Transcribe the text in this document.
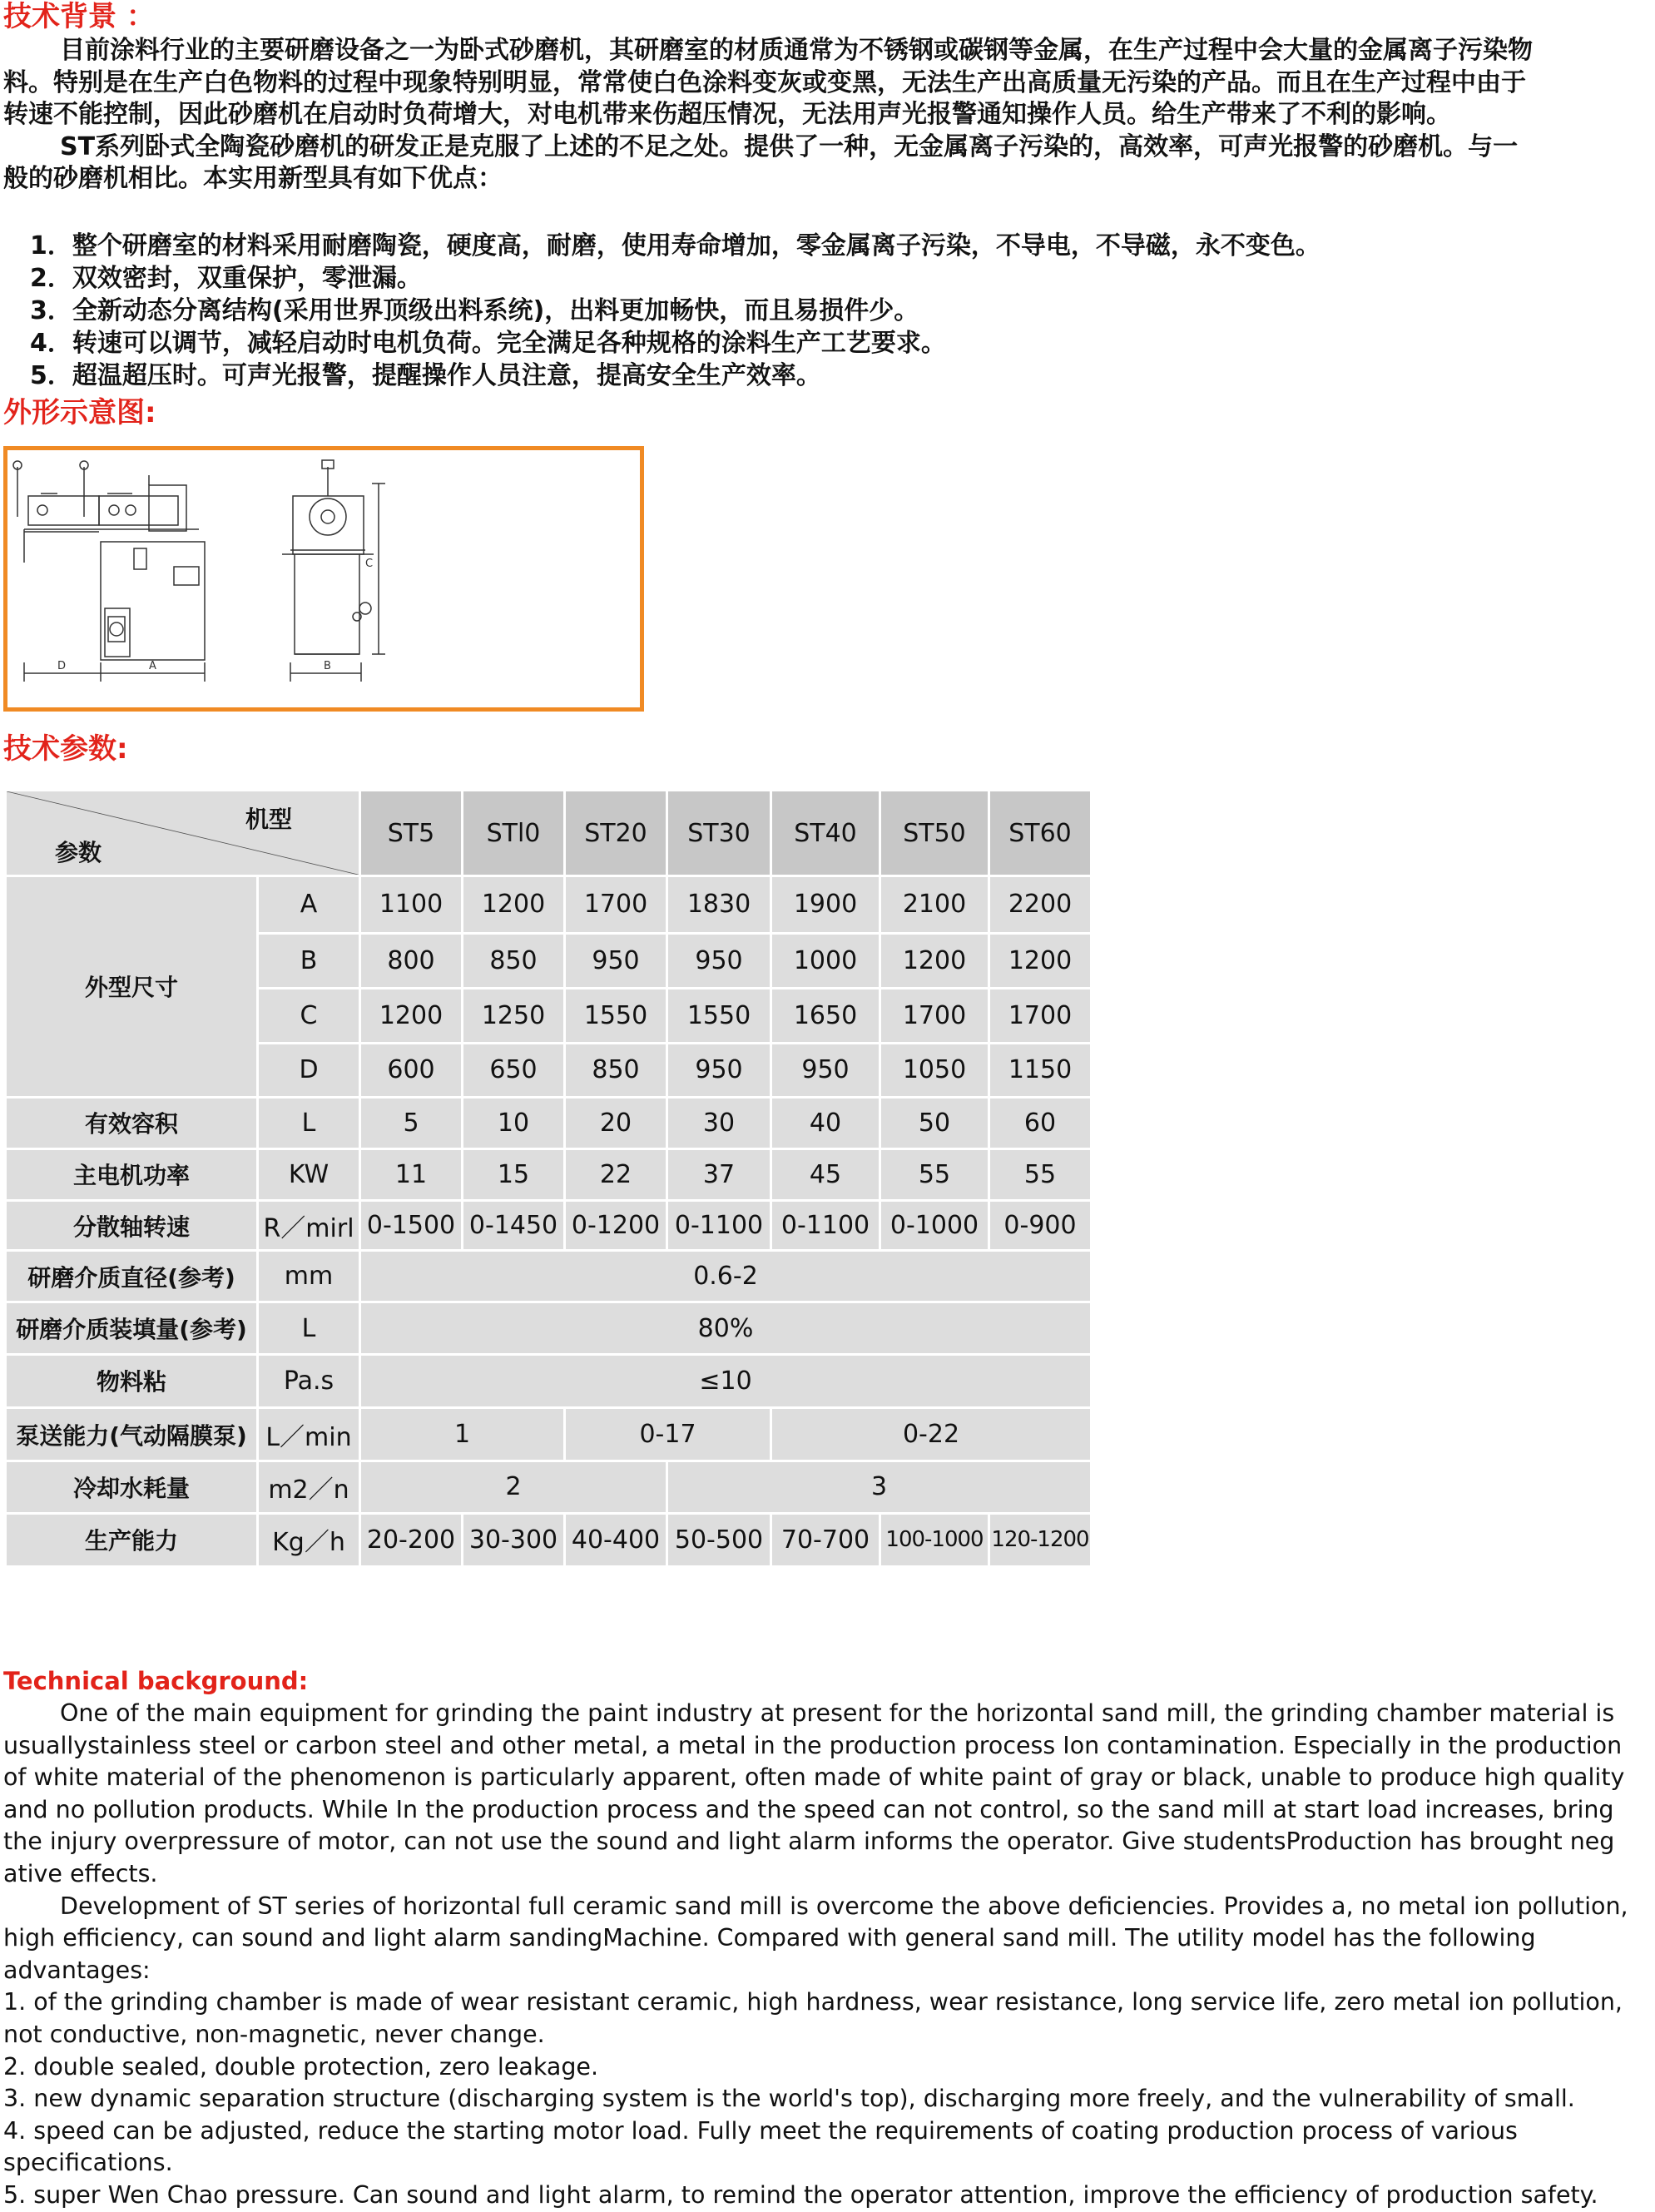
技术背景 ：

目前涂料行业的主要研磨设备之一为卧式砂磨机，其研磨室的材质通常为不锈钢或碳钢等金属，在生产过程中会大量的金属离子污染物料。特别是在生产白色物料的过程中现象特别明显，常常使白色涂料变灰或变黑，无法生产出高质量无污染的产品。而且在生产过程中由于转速不能控制，因此砂磨机在启动时负荷增大，对电机带来伤超压情况，无法用声光报警通知操作人员。给生产带来了不利的影响。

ST系列卧式全陶瓷砂磨机的研发正是克服了上述的不足之处。提供了一种，无金属离子污染的，高效率，可声光报警的砂磨机。与一般的砂磨机相比。本实用新型具有如下优点：

1．整个研磨室的材料采用耐磨陶瓷，硬度高，耐磨，使用寿命增加，零金属离子污染，不导电，不导磁，永不变色。
2．双效密封，双重保护，零泄漏。
3．全新动态分离结构(采用世界顶级出料系统)，出料更加畅快，而且易损件少。
4．转速可以调节，减轻启动时电机负荷。完全满足各种规格的涂料生产工艺要求。
5．超温超压时。可声光报警，提醒操作人员注意，提高安全生产效率。
外形示意图:
D	A	B
C
技术参数:
机型
参数		ST5	STl0	ST20	ST30	ST40	ST50	ST60
外型尺寸	A	1100	1200	1700	1830	1900	2100	2200
	B	800	850	950	950	1000	1200	1200
	C	1200	1250	1550	1550	1650	1700	1700
	D	600	650	850	950	950	1050	1150
有效容积	L	5	10	20	30	40	50	60
主电机功率	KW	11	15	22	37	45	55	55
分散轴转速	R／mirl	0-1500	0-1450	0-1200	0-1100	0-1100	0-1000	0-900
研磨介质直径(参考)	mm	0.6-2						
研磨介质装填量(参考)	L	80%						
物料粘	Pa.s	≤10						
泵送能力(气动隔膜泵)	L／min	1		0-17		0-22		
冷却水耗量	m2／n	2			3			
生产能力	Kg／h	20-200	30-300	40-400	50-500	70-700	100-1000	120-1200
Technical background:

One of the main equipment for grinding the paint industry at present for the horizontal sand mill, the grinding chamber material is usuallystainless steel or carbon steel and other metal, a metal in the production process Ion contamination. Especially in the production of white material of the phenomenon is particularly apparent, often made of white paint of gray or black, unable to produce high quality and no pollution products. While In the production process and the speed can not control, so the sand mill at start load increases, bring the injury overpressure of motor, can not use the sound and light alarm informs the operator. Give studentsProduction has brought neg ative effects.

Development of ST series of horizontal full ceramic sand mill is overcome the above deficiencies. Provides a, no metal ion pollution, high efficiency, can sound and light alarm sandingMachine. Compared with general sand mill. The utility model has the following advantages:

1. of the grinding chamber is made of wear resistant ceramic, high hardness, wear resistance, long service life, zero metal ion pollution, not conductive, non-magnetic, never change.

2. double sealed, double protection, zero leakage.

3. new dynamic separation structure (discharging system is the world's top), discharging more freely, and the vulnerability of small.

4. speed can be adjusted, reduce the starting motor load. Fully meet the requirements of coating production process of various specifications.

5. super Wen Chao pressure. Can sound and light alarm, to remind the operator attention, improve the efficiency of production safety.
